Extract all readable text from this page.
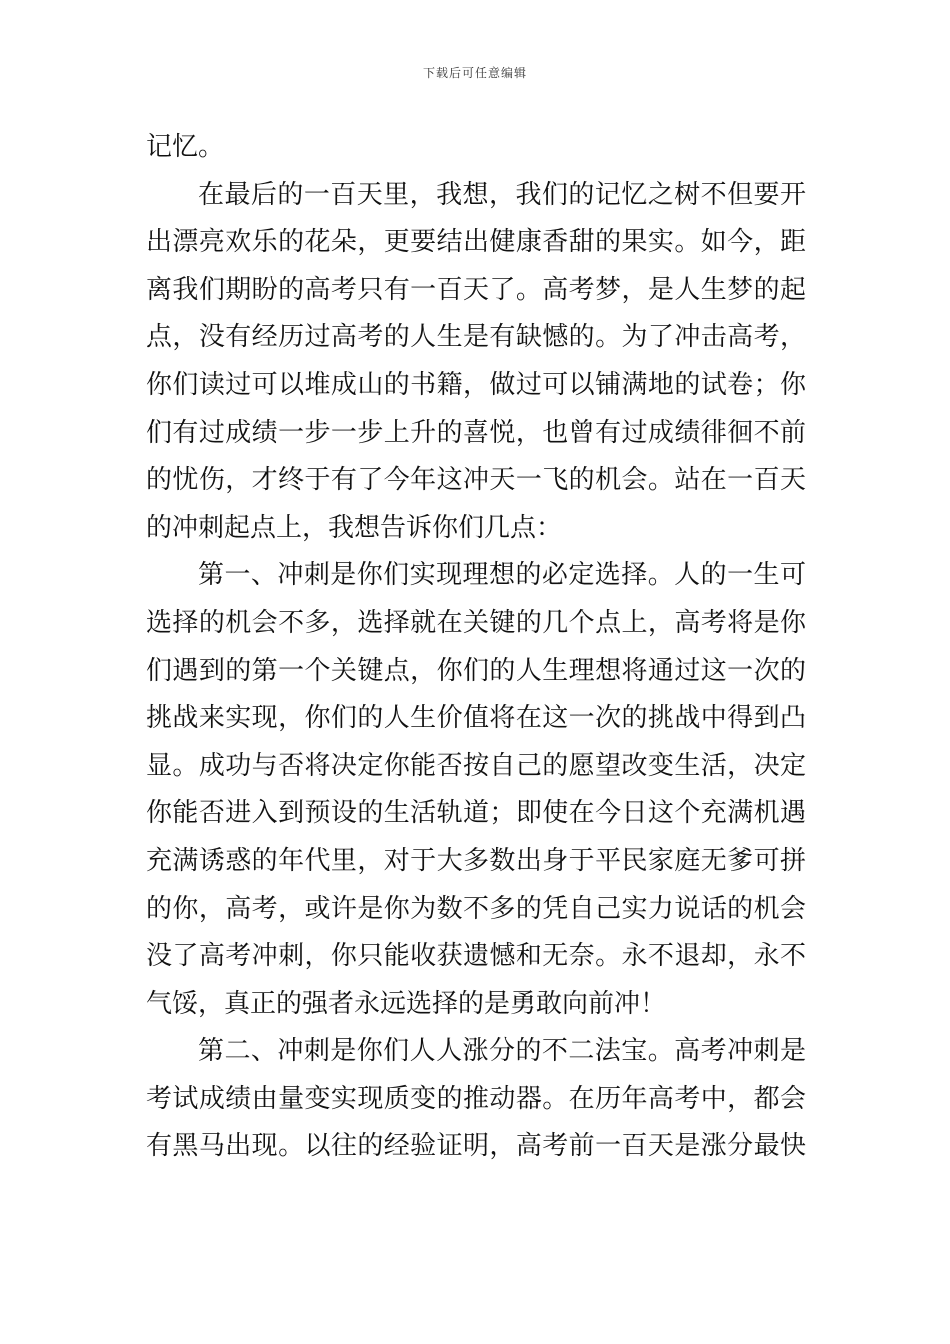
下载后可任意编辑
记忆。
在最后的一百天里，我想，我们的记忆之树不但要开
出漂亮欢乐的花朵，更要结出健康香甜的果实。如今，距
离我们期盼的高考只有一百天了。高考梦，是人生梦的起
点，没有经历过高考的人生是有缺憾的。为了冲击高考，
你们读过可以堆成山的书籍，做过可以铺满地的试卷；你
们有过成绩一步一步上升的喜悦，也曾有过成绩徘徊不前
的忧伤，才终于有了今年这冲天一飞的机会。站在一百天
的冲刺起点上，我想告诉你们几点：
第一、冲刺是你们实现理想的必定选择。人的一生可
选择的机会不多，选择就在关键的几个点上，高考将是你
们遇到的第一个关键点，你们的人生理想将通过这一次的
挑战来实现，你们的人生价值将在这一次的挑战中得到凸
显。成功与否将决定你能否按自己的愿望改变生活，决定
你能否进入到预设的生活轨道；即使在今日这个充满机遇
充满诱惑的年代里，对于大多数出身于平民家庭无爹可拼
的你，高考，或许是你为数不多的凭自己实力说话的机会
没了高考冲刺，你只能收获遗憾和无奈。永不退却，永不
气馁，真正的强者永远选择的是勇敢向前冲！
第二、冲刺是你们人人涨分的不二法宝。高考冲刺是
考试成绩由量变实现质变的推动器。在历年高考中，都会
有黑马出现。以往的经验证明，高考前一百天是涨分最快
